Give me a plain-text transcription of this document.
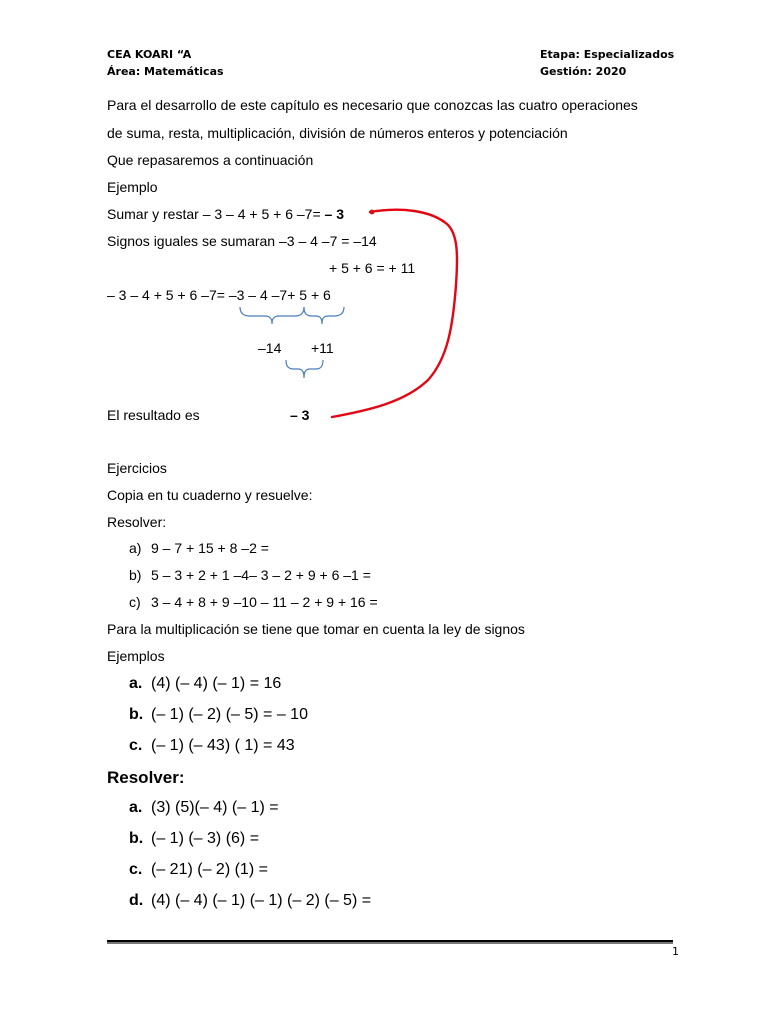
CEA KOARI “A
Área: Matemáticas
Etapa: Especializados
Gestión: 2020
Para el desarrollo de este capítulo es necesario que conozcas las cuatro operaciones
de suma, resta, multiplicación, división de números enteros y potenciación
Que repasaremos a continuación
Ejemplo
Sumar y restar – 3 – 4 + 5 + 6 –7= – 3
Signos iguales se sumaran –3 – 4 –7 = –14
+ 5 + 6 = + 11
– 3 – 4 + 5 + 6 –7= –3 – 4 –7+ 5 + 6
–14 +11
El resultado es	– 3
Ejercicios
Copia en tu cuaderno y resuelve:
Resolver:
a) 9 – 7 + 15 + 8 –2 =
b) 5 – 3 + 2 + 1 –4– 3 – 2 + 9 + 6 –1 =
c) 3 – 4 + 8 + 9 –10 – 11 – 2 + 9 + 16 =
Para la multiplicación se tiene que tomar en cuenta la ley de signos
Ejemplos
a. (4) (– 4) (– 1) = 16
b. (– 1) (– 2) (– 5) = – 10
c. (– 1) (– 43) ( 1) = 43
Resolver:
a. (3) (5)(– 4) (– 1) =
b. (– 1) (– 3) (6) =
c. (– 21) (– 2) (1) =
d. (4) (– 4) (– 1) (– 1) (– 2) (– 5) =
1
